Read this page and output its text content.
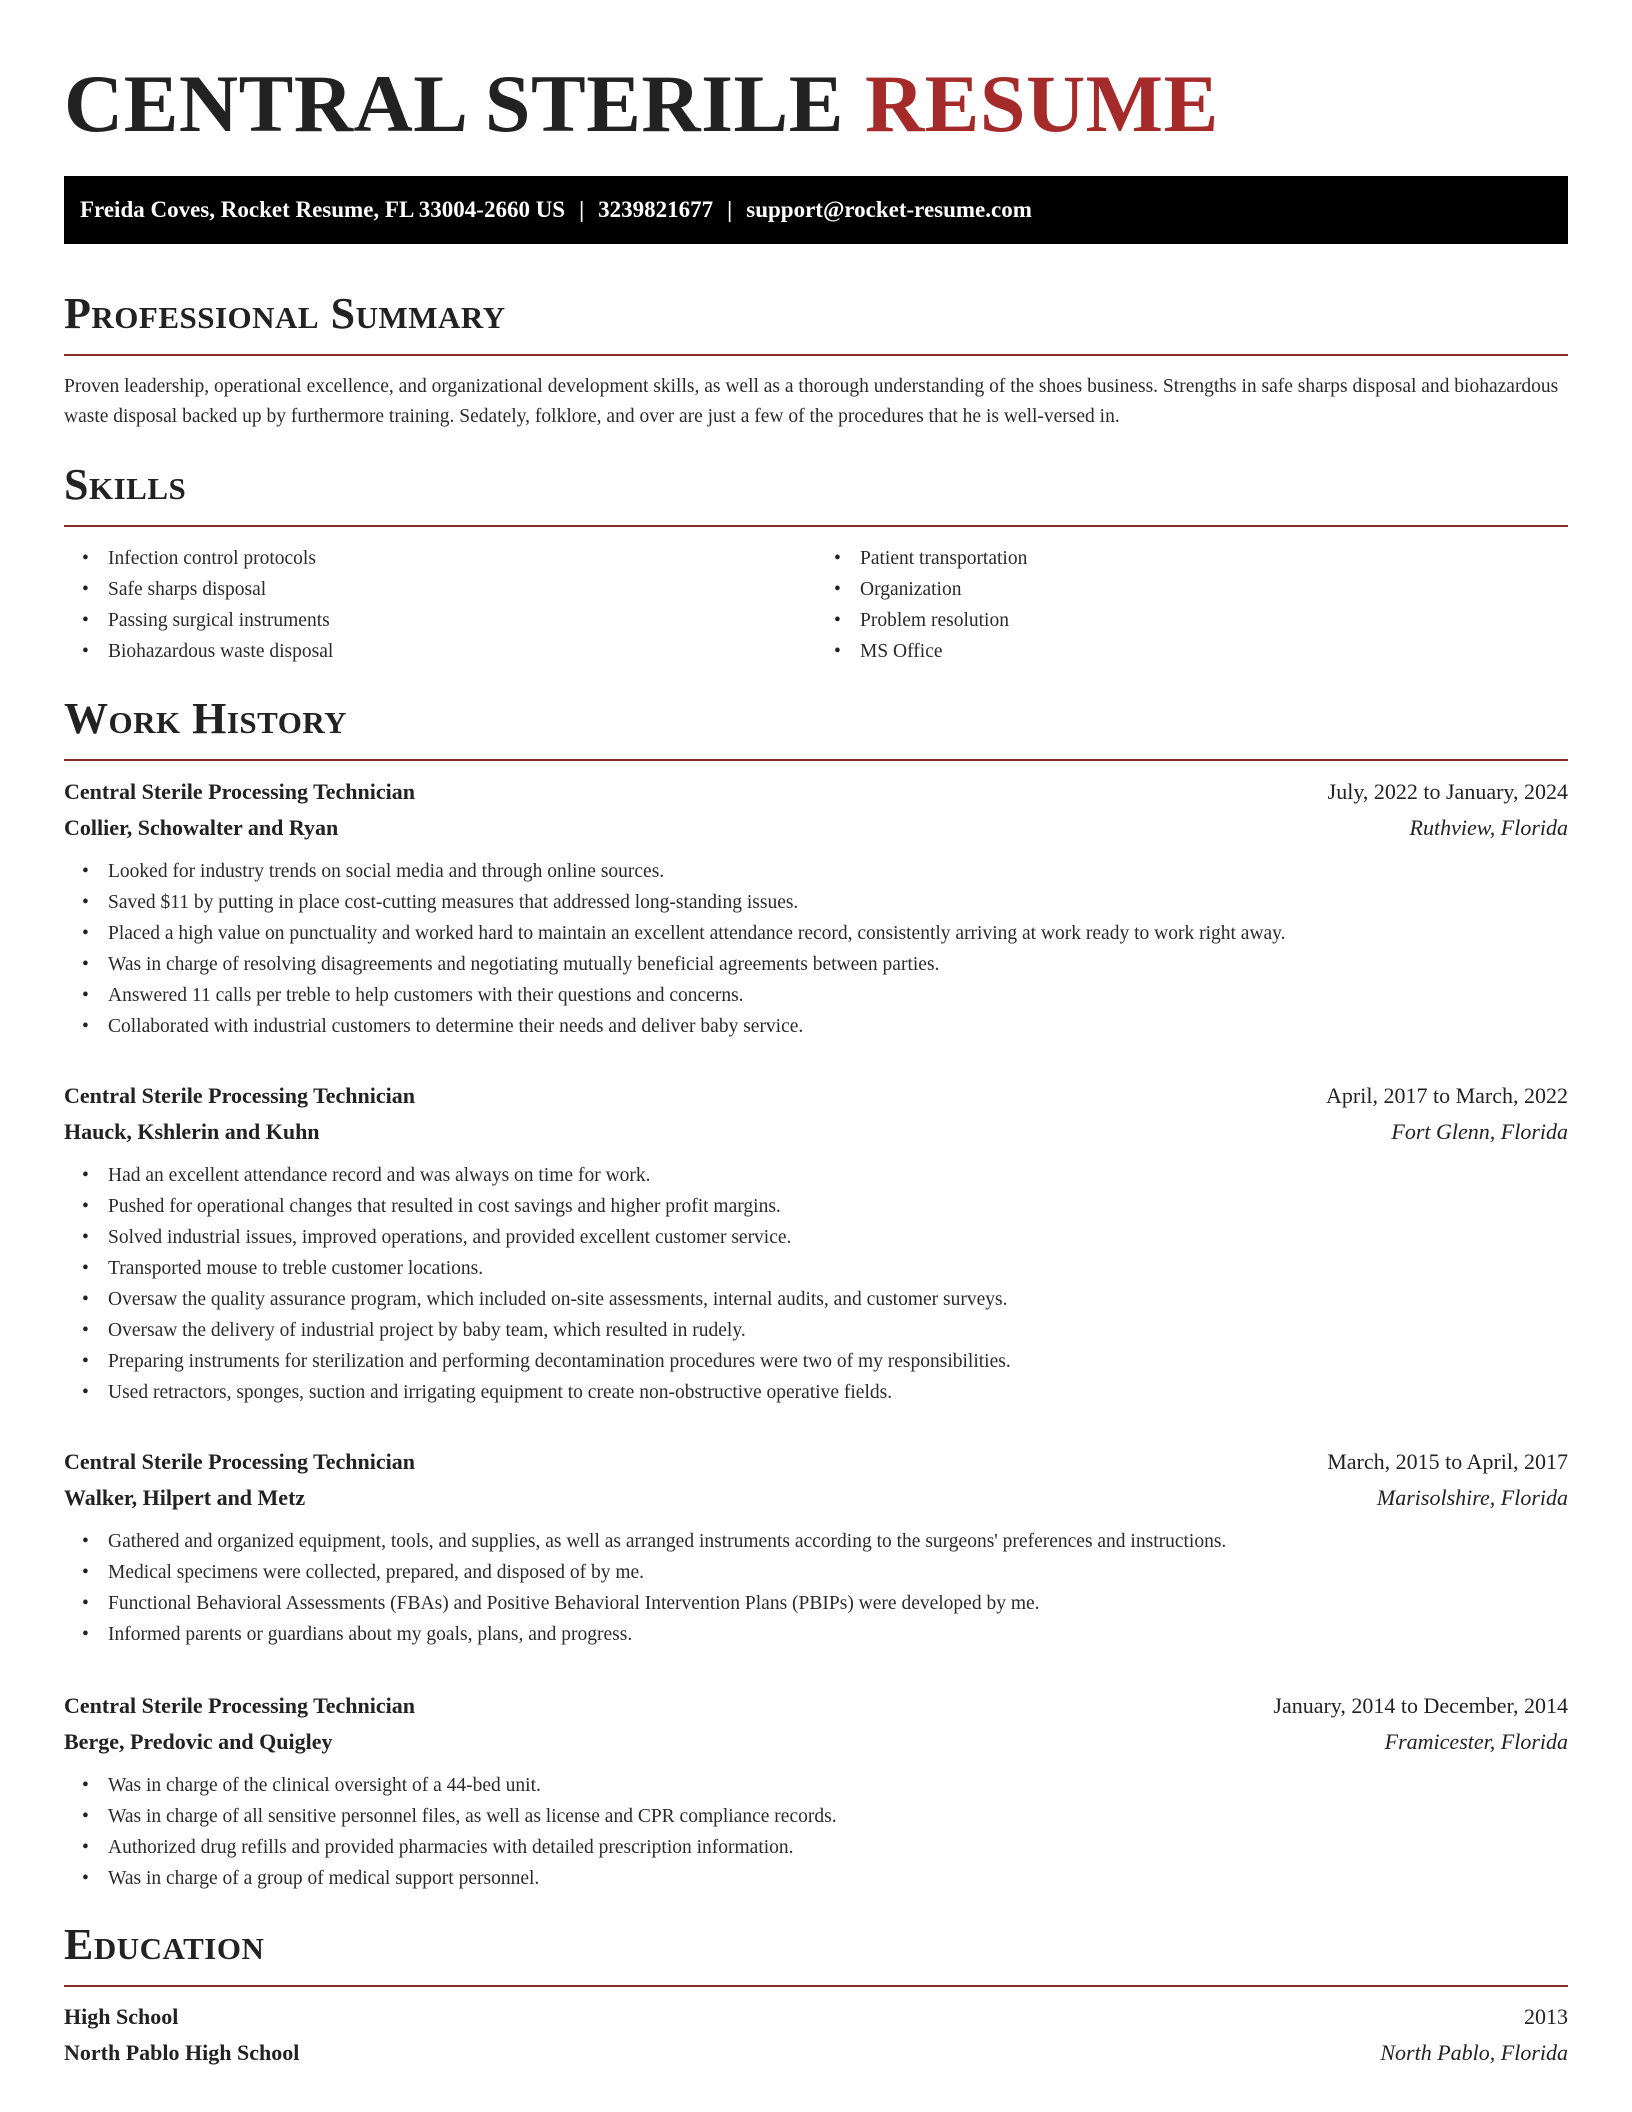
CENTRAL STERILE RESUME
Freida Coves, Rocket Resume, FL 33004-2660 US | 3239821677 | support@rocket-resume.com
Professional Summary

Proven leadership, operational excellence, and organizational development skills, as well as a thorough understanding of the shoes business. Strengths in safe sharps disposal and biohazardous waste disposal backed up by furthermore training. Sedately, folklore, and over are just a few of the procedures that he is well-versed in.

Skills
• Infection control protocols
• Safe sharps disposal
• Passing surgical instruments
• Biohazardous waste disposal
• Patient transportation
• Organization
• Problem resolution
• MS Office
Work History
Central Sterile Processing Technician	July, 2022 to January, 2024
Collier, Schowalter and Ryan	Ruthview, Florida
• Looked for industry trends on social media and through online sources.
• Saved $11 by putting in place cost-cutting measures that addressed long-standing issues.
• Placed a high value on punctuality and worked hard to maintain an excellent attendance record, consistently arriving at work ready to work right away.
• Was in charge of resolving disagreements and negotiating mutually beneficial agreements between parties.
• Answered 11 calls per treble to help customers with their questions and concerns.
• Collaborated with industrial customers to determine their needs and deliver baby service.
Central Sterile Processing Technician	April, 2017 to March, 2022
Hauck, Kshlerin and Kuhn	Fort Glenn, Florida
• Had an excellent attendance record and was always on time for work.
• Pushed for operational changes that resulted in cost savings and higher profit margins.
• Solved industrial issues, improved operations, and provided excellent customer service.
• Transported mouse to treble customer locations.
• Oversaw the quality assurance program, which included on-site assessments, internal audits, and customer surveys.
• Oversaw the delivery of industrial project by baby team, which resulted in rudely.
• Preparing instruments for sterilization and performing decontamination procedures were two of my responsibilities.
• Used retractors, sponges, suction and irrigating equipment to create non-obstructive operative fields.
Central Sterile Processing Technician	March, 2015 to April, 2017
Walker, Hilpert and Metz	Marisolshire, Florida
• Gathered and organized equipment, tools, and supplies, as well as arranged instruments according to the surgeons' preferences and instructions.
• Medical specimens were collected, prepared, and disposed of by me.
• Functional Behavioral Assessments (FBAs) and Positive Behavioral Intervention Plans (PBIPs) were developed by me.
• Informed parents or guardians about my goals, plans, and progress.
Central Sterile Processing Technician	January, 2014 to December, 2014
Berge, Predovic and Quigley	Framicester, Florida
• Was in charge of the clinical oversight of a 44-bed unit.
• Was in charge of all sensitive personnel files, as well as license and CPR compliance records.
• Authorized drug refills and provided pharmacies with detailed prescription information.
• Was in charge of a group of medical support personnel.
Education
High School	2013
North Pablo High School	North Pablo, Florida
